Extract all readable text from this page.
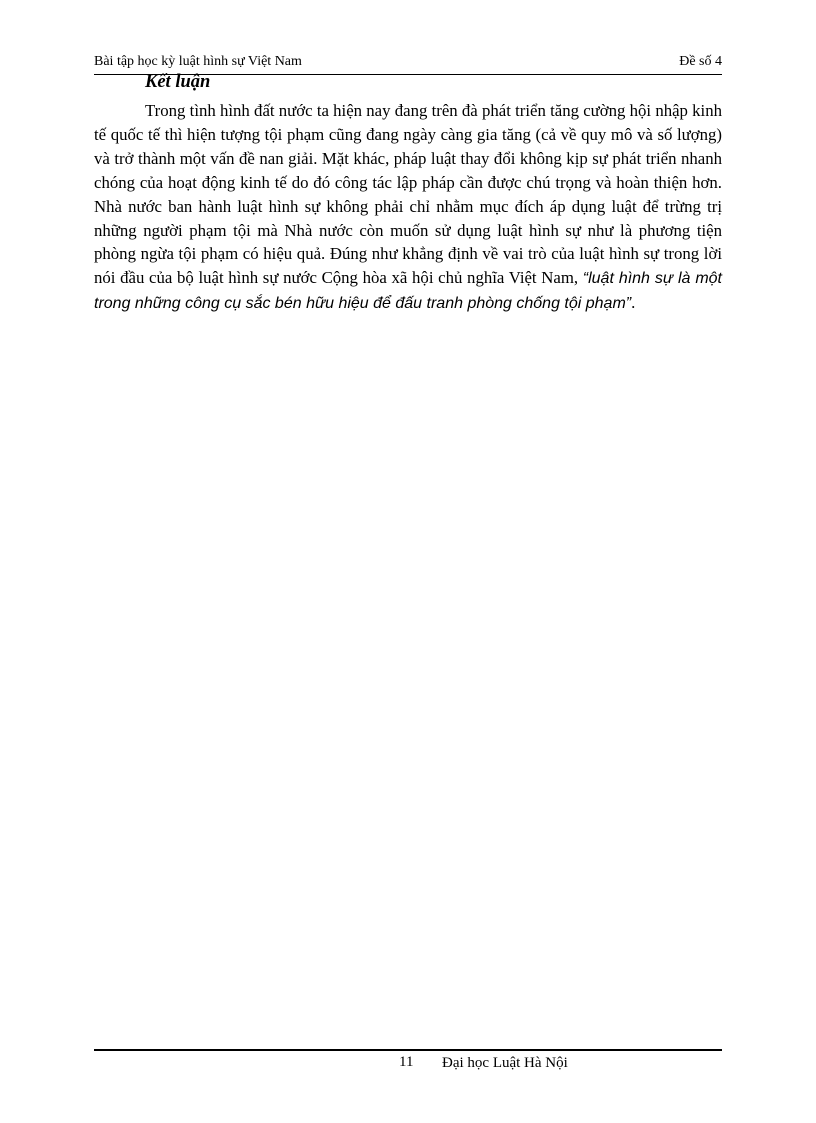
Bài tập học kỳ luật hình sự Việt Nam	Đề số 4
Kết luận

Trong tình hình đất nước ta hiện nay đang trên đà phát triển tăng cường hội nhập kinh tế quốc tế thì hiện tượng tội phạm cũng đang ngày càng gia tăng (cả về quy mô và số lượng) và trở thành một vấn đề nan giải. Mặt khác, pháp luật thay đổi không kịp sự phát triển nhanh chóng của hoạt động kinh tế do đó công tác lập pháp cần được chú trọng và hoàn thiện hơn. Nhà nước ban hành luật hình sự không phải chỉ nhằm mục đích áp dụng luật để trừng trị những người phạm tội mà Nhà nước còn muốn sử dụng luật hình sự như là phương tiện phòng ngừa tội phạm có hiệu quả. Đúng như khẳng định về vai trò của luật hình sự trong lời nói đầu của bộ luật hình sự nước Cộng hòa xã hội chủ nghĩa Việt Nam, “luật hình sự là một trong những công cụ sắc bén hữu hiệu để đấu tranh phòng chống tội phạm”.

11 Đại học Luật Hà Nội
